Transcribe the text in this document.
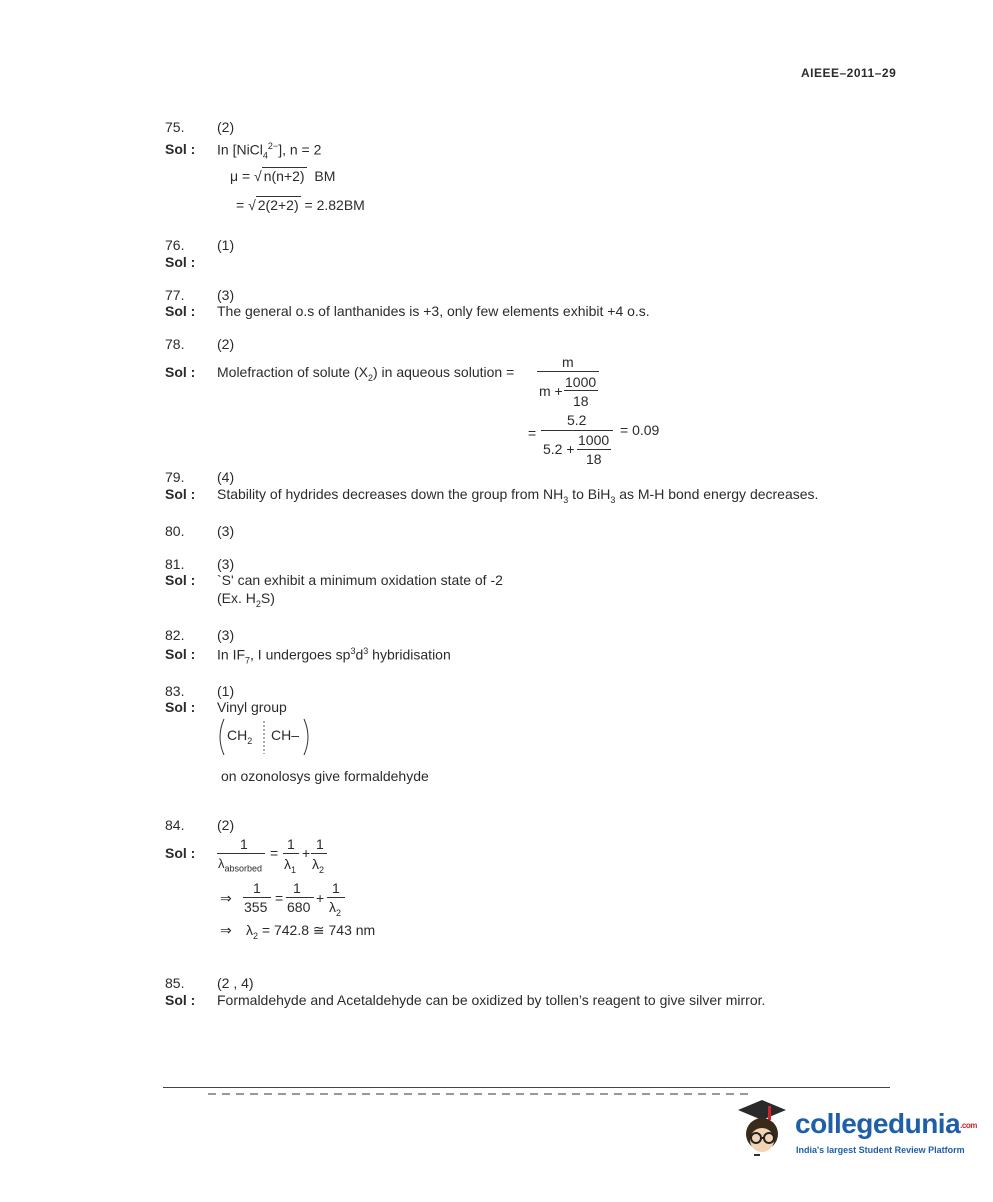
AIEEE–2011–29
75. (2)
Sol : In [NiCl$_4^{2-}$], n = 2
μ = √ n(n+2) BM
= √ 2(2+2) = 2.82BM
76. (1)
Sol :
77. (3)
Sol : The general o.s of lanthanides is +3, only few elements exhibit +4 o.s.
78. (2)
Sol : Molefraction of solute $(X_2)$ in aqueous solution =
m
m +
1000
18
=
5.2
5.2 +
1000
18
= 0.09
79. (4)
Sol : Stability of hydrides decreases down the group from $NH_3$ to BiH$_3$ as M-H bond energy decreases.
80. (3)
81. (3)
Sol : `S' can exhibit a minimum oxidation state of -2
(Ex. $H_2S$)
82. (3)
Sol : In $IF_7$, I undergoes $sp^3d^3$ hybridisation
83. (1)
Sol : Vinyl group
$CH_2$ CH–
on ozonolosys give formaldehyde
84. (2)
Sol :
1
$\lambda_{absorbed}$
=
1
$\lambda_1$
+
1
$\lambda_2$
⇒
1
355
=
1
680
+
1
$\lambda_2$
⇒ $\lambda_2 = 742.8$ ≅ 743 nm
85. (2 , 4)
Sol : Formaldehyde and Acetaldehyde can be oxidized by tollen’s reagent to give silver mirror.
collegedunia.com
India's largest Student Review Platform
